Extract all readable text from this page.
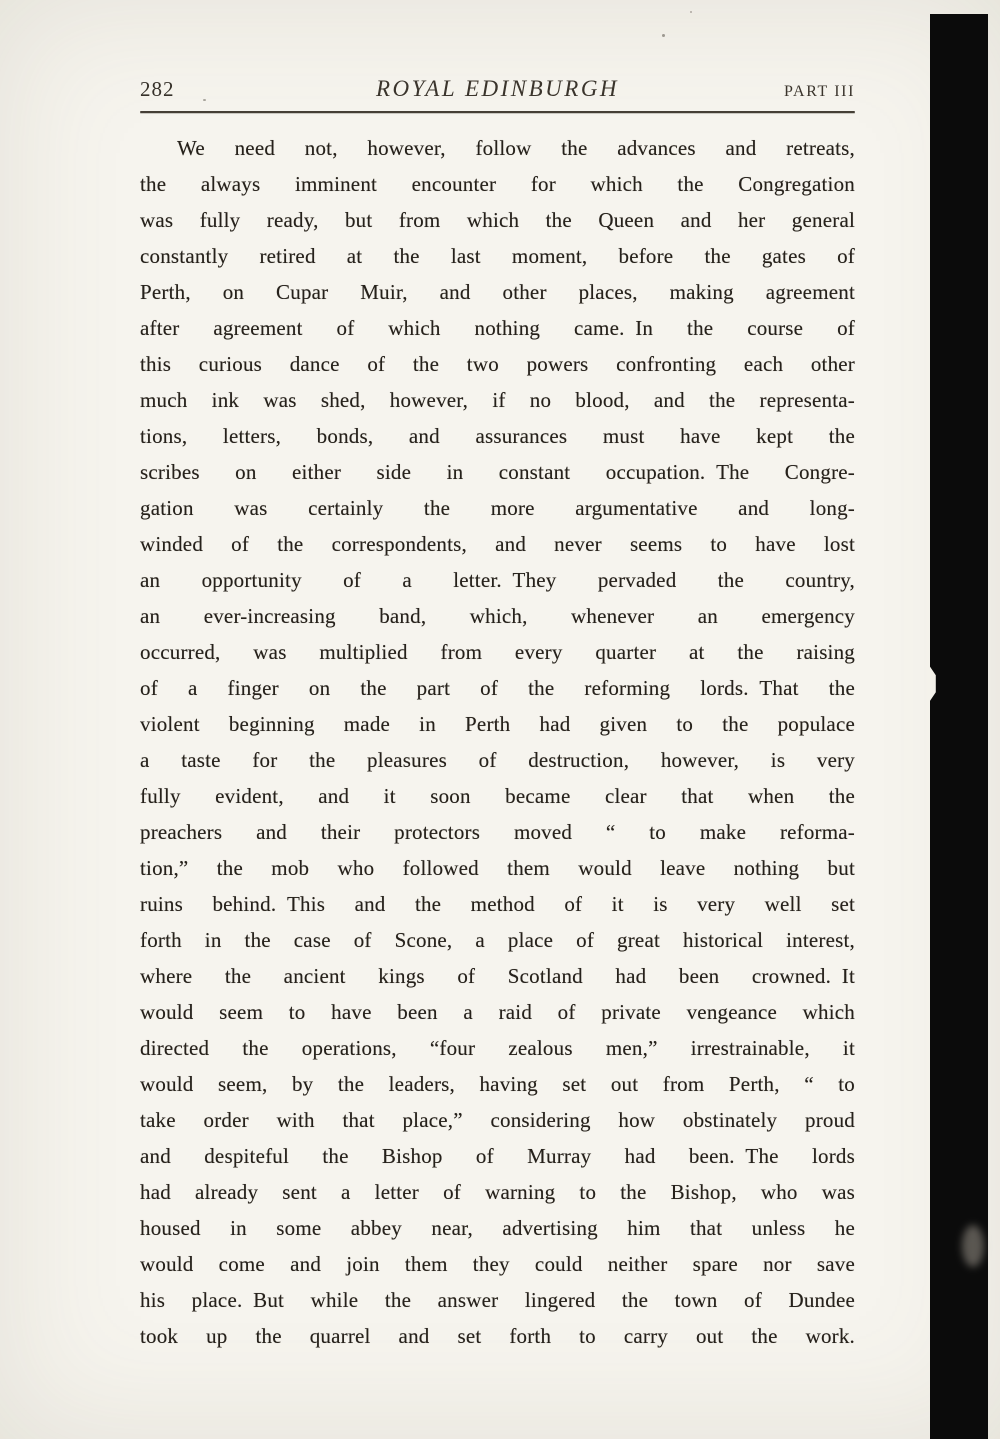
282	ROYAL EDINBURGH	PART III
We need not, however, follow the advances and retreats,
the always imminent encounter for which the Congregation
was fully ready, but from which the Queen and her general
constantly retired at the last moment, before the gates of
Perth, on Cupar Muir, and other places, making agreement
after agreement of which nothing came. In the course of
this curious dance of the two powers confronting each other
much ink was shed, however, if no blood, and the representa-
tions, letters, bonds, and assurances must have kept the
scribes on either side in constant occupation. The Congre-
gation was certainly the more argumentative and long-
winded of the correspondents, and never seems to have lost
an opportunity of a letter. They pervaded the country,
an ever-increasing band, which, whenever an emergency
occurred, was multiplied from every quarter at the raising
of a finger on the part of the reforming lords. That the
violent beginning made in Perth had given to the populace
a taste for the pleasures of destruction, however, is very
fully evident, and it soon became clear that when the
preachers and their protectors moved “ to make reforma-
tion,” the mob who followed them would leave nothing but
ruins behind. This and the method of it is very well set
forth in the case of Scone, a place of great historical interest,
where the ancient kings of Scotland had been crowned. It
would seem to have been a raid of private vengeance which
directed the operations, “four zealous men,” irrestrainable, it
would seem, by the leaders, having set out from Perth, “ to
take order with that place,” considering how obstinately proud
and despiteful the Bishop of Murray had been. The lords
had already sent a letter of warning to the Bishop, who was
housed in some abbey near, advertising him that unless he
would come and join them they could neither spare nor save
his place. But while the answer lingered the town of Dundee
took up the quarrel and set forth to carry out the work.
